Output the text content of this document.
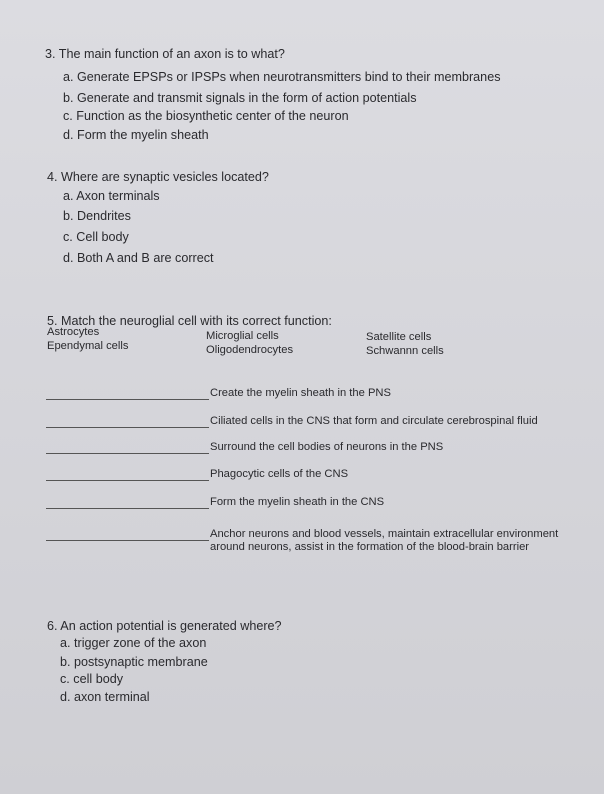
3. The main function of an axon is to what?
a. Generate EPSPs or IPSPs when neurotransmitters bind to their membranes
b. Generate and transmit signals in the form of action potentials
c. Function as the biosynthetic center of the neuron
d. Form the myelin sheath
4. Where are synaptic vesicles located?
a. Axon terminals
b. Dendrites
c. Cell body
d. Both A and B are correct
5. Match the neuroglial cell with its correct function:
Astrocytes
Ependymal cells
Microglial cells
Oligodendrocytes
Satellite cells
Schwannn cells
Create the myelin sheath in the PNS
Ciliated cells in the CNS that form and circulate cerebrospinal fluid
Surround the cell bodies of neurons in the PNS
Phagocytic cells of the CNS
Form the myelin sheath in the CNS
Anchor neurons and blood vessels, maintain extracellular environment
around neurons, assist in the formation of the blood-brain barrier
6. An action potential is generated where?
a. trigger zone of the axon
b. postsynaptic membrane
c. cell body
d. axon terminal
